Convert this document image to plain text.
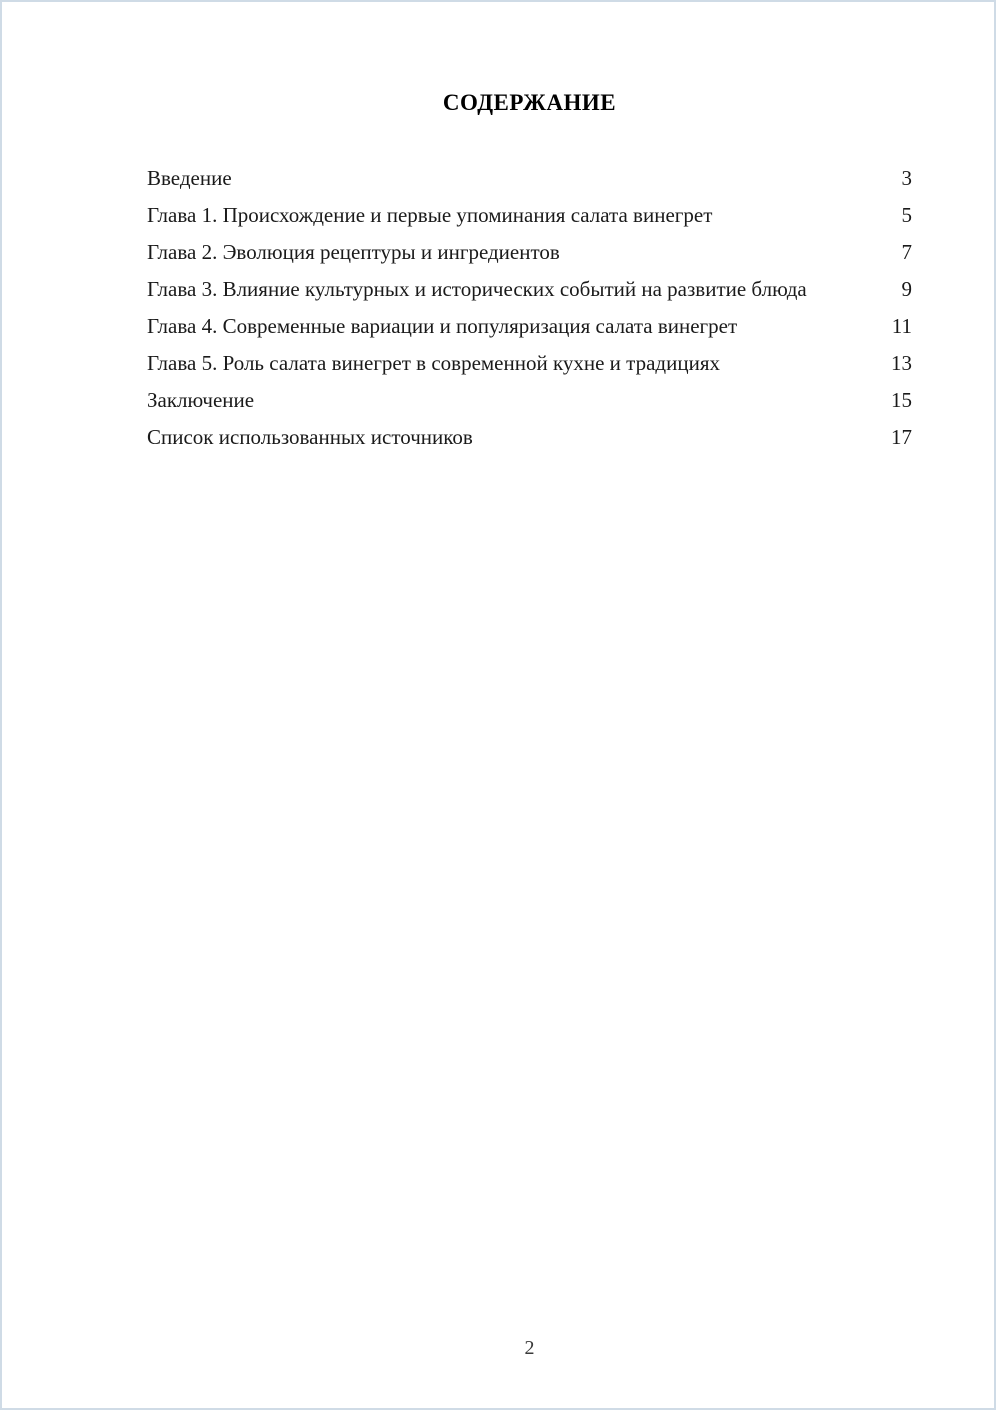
СОДЕРЖАНИЕ
Введение	3
Глава 1. Происхождение и первые упоминания салата винегрет	5
Глава 2. Эволюция рецептуры и ингредиентов	7
Глава 3. Влияние культурных и исторических событий на развитие блюда	9
Глава 4. Современные вариации и популяризация салата винегрет	11
Глава 5. Роль салата винегрет в современной кухне и традициях	13
Заключение	15
Список использованных источников	17
2
